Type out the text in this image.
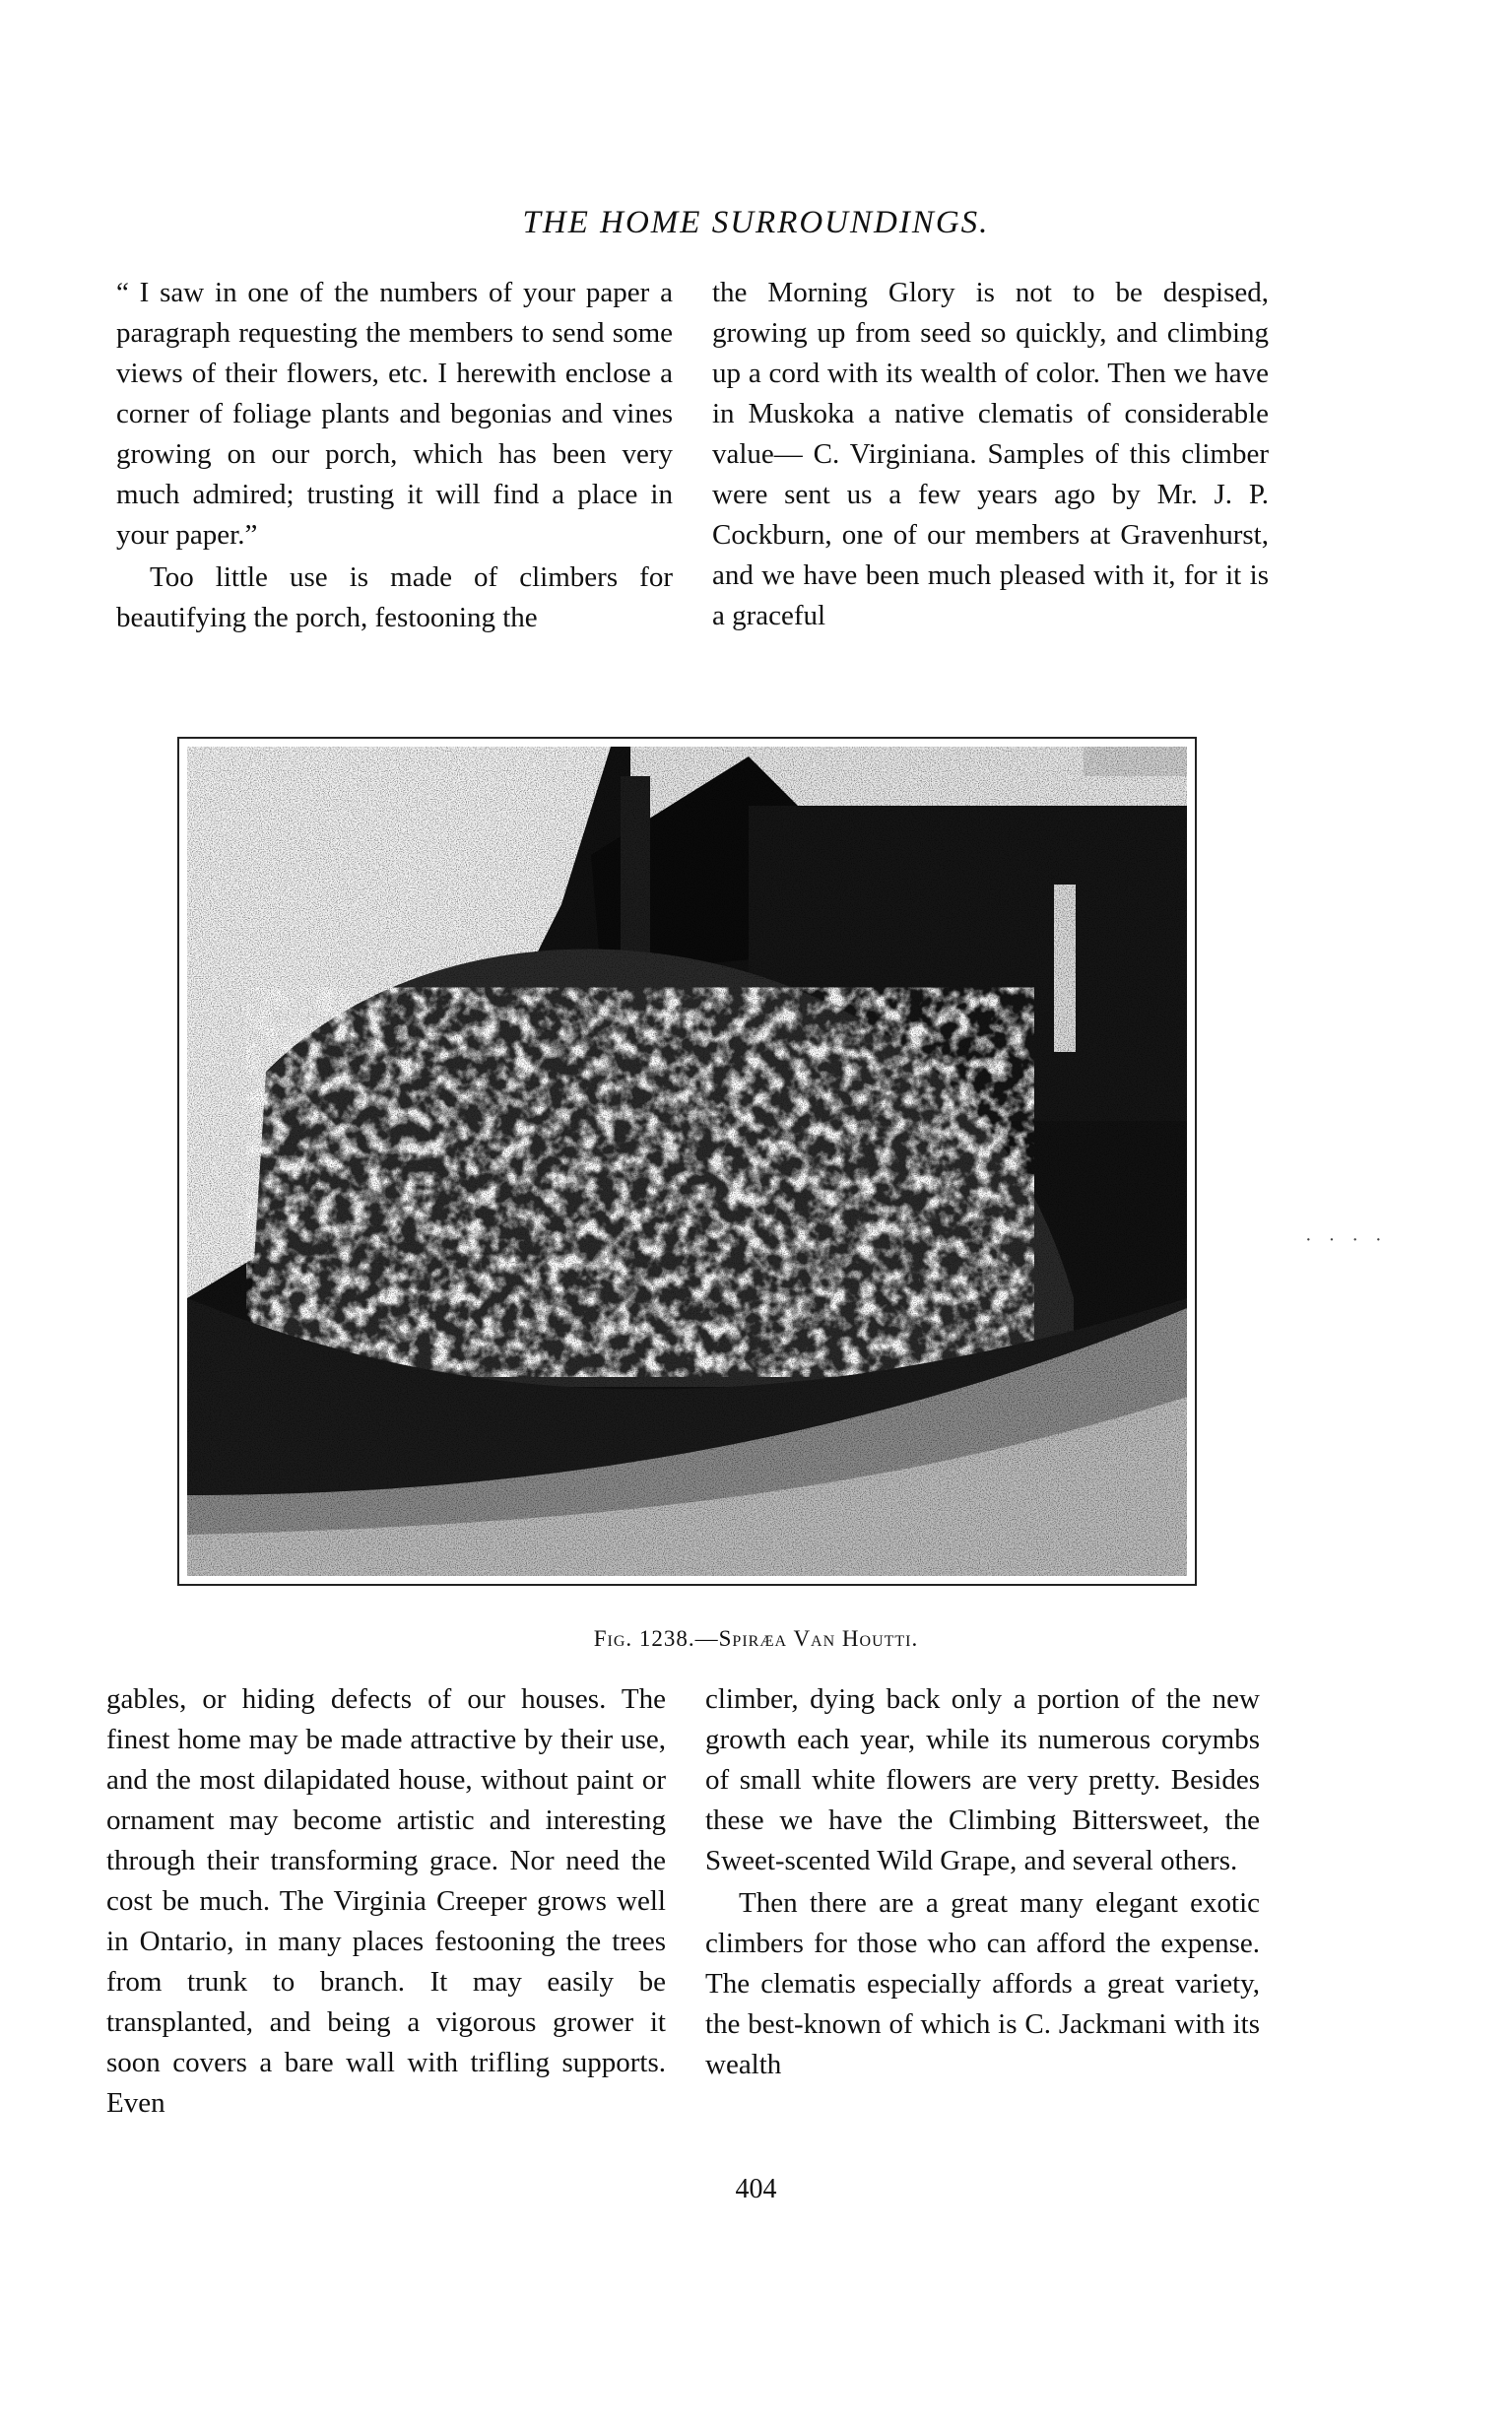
THE HOME SURROUNDINGS.

“ I saw in one of the numbers of your paper a paragraph requesting the members to send some views of their flowers, etc. I herewith enclose a corner of foliage plants and begonias and vines growing on our porch, which has been very much admired; trusting it will find a place in your paper.”

Too little use is made of climbers for beautifying the porch, festooning the

the Morning Glory is not to be despised, growing up from seed so quickly, and climbing up a cord with its wealth of color. Then we have in Muskoka a native clematis of considerable value— C. Virginiana. Samples of this climber were sent us a few years ago by Mr. J. P. Cockburn, one of our members at Gravenhurst, and we have been much pleased with it, for it is a graceful

Fig. 1238.—Spiræa Van Houtti.
· · · ·

gables, or hiding defects of our houses. The finest home may be made attractive by their use, and the most dilapidated house, without paint or ornament may become artistic and interesting through their transforming grace. Nor need the cost be much. The Virginia Creeper grows well in Ontario, in many places festooning the trees from trunk to branch. It may easily be transplanted, and being a vigorous grower it soon covers a bare wall with trifling supports. Even

climber, dying back only a portion of the new growth each year, while its numerous corymbs of small white flowers are very pretty. Besides these we have the Climbing Bittersweet, the Sweet-scented Wild Grape, and several others.

Then there are a great many elegant exotic climbers for those who can afford the expense. The clematis especially affords a great variety, the best-known of which is C. Jackmani with its wealth

404
